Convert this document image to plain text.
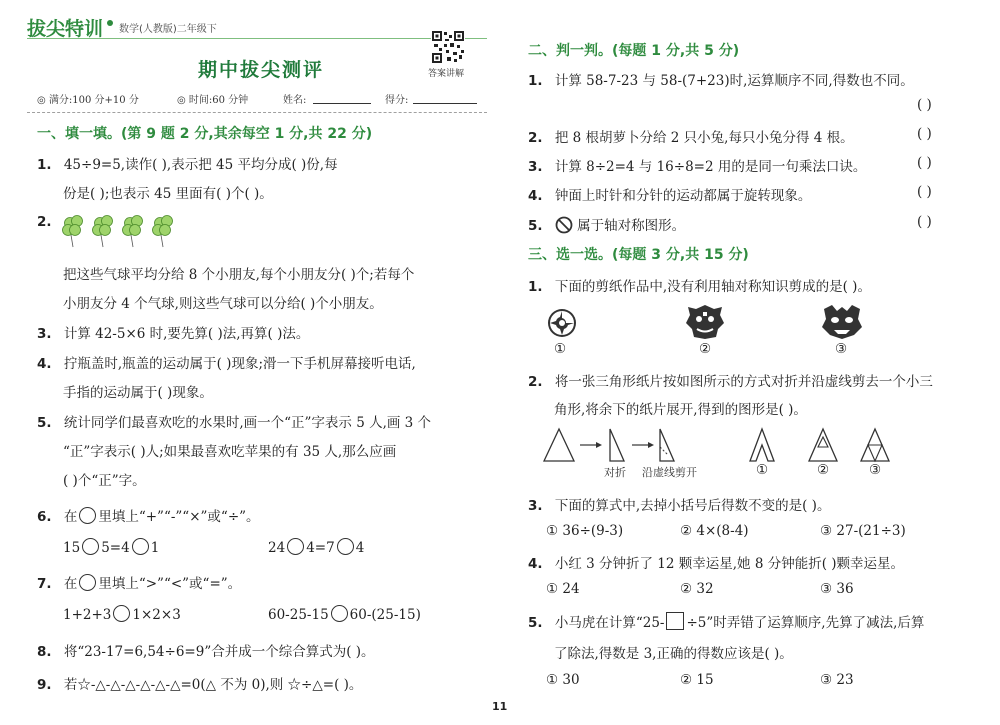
拔尖特训 数学(人教版)二年级下
答案讲解
期中拔尖测评
◎ 满分:100 分+10 分	◎ 时间:60 分钟	姓名:	得分:
一、填一填。(第 9 题 2 分,其余每空 1 分,共 22 分)
1. 45÷9=5,读作( ),表示把 45 平均分成( )份,每
份是( );也表示 45 里面有( )个( )。
2.
把这些气球平均分给 8 个小朋友,每个小朋友分( )个;若每个
小朋友分 4 个气球,则这些气球可以分给( )个小朋友。
3. 计算 42-5×6 时,要先算( )法,再算( )法。
4. 拧瓶盖时,瓶盖的运动属于( )现象;滑一下手机屏幕接听电话,
手指的运动属于( )现象。
5. 统计同学们最喜欢吃的水果时,画一个“正”字表示 5 人,画 3 个
“正”字表示( )人;如果最喜欢吃苹果的有 35 人,那么应画
( )个“正”字。
6. 在 里填上“+”“-”“×”或“÷”。
15 5=4 1	24 4=7 4
7. 在 里填上“>”“<”或“=”。
1+2+3 1×2×3	60-25-15 60-(25-15)
8. 将“23-17=6,54÷6=9”合并成一个综合算式为( )。
9. 若☆-△-△-△-△-△-△=0(△ 不为 0),则 ☆÷△=( )。
二、判一判。(每题 1 分,共 5 分)
1. 计算 58-7-23 与 58-(7+23)时,运算顺序不同,得数也不同。
( )
2. 把 8 根胡萝卜分给 2 只小兔,每只小兔分得 4 根。	( )
3. 计算 8÷2=4 与 16÷8=2 用的是同一句乘法口诀。	( )
4. 钟面上时针和分针的运动都属于旋转现象。	( )
5.	属于轴对称图形。	( )
三、选一选。(每题 3 分,共 15 分)
1. 下面的剪纸作品中,没有利用轴对称知识剪成的是( )。
①	②	③
2. 将一张三角形纸片按如图所示的方式对折并沿虚线剪去一个小三
角形,将余下的纸片展开,得到的图形是( )。
对折 沿虚线剪开	①	②	③
3. 下面的算式中,去掉小括号后得数不变的是( )。
① 36÷(9-3)	② 4×(8-4)	③ 27-(21÷3)
4. 小红 3 分钟折了 12 颗幸运星,她 8 分钟能折( )颗幸运星。
① 24	② 32	③ 36
5. 小马虎在计算“25- ÷5”时弄错了运算顺序,先算了减法,后算
了除法,得数是 3,正确的得数应该是( )。
① 30	② 15	③ 23
11
